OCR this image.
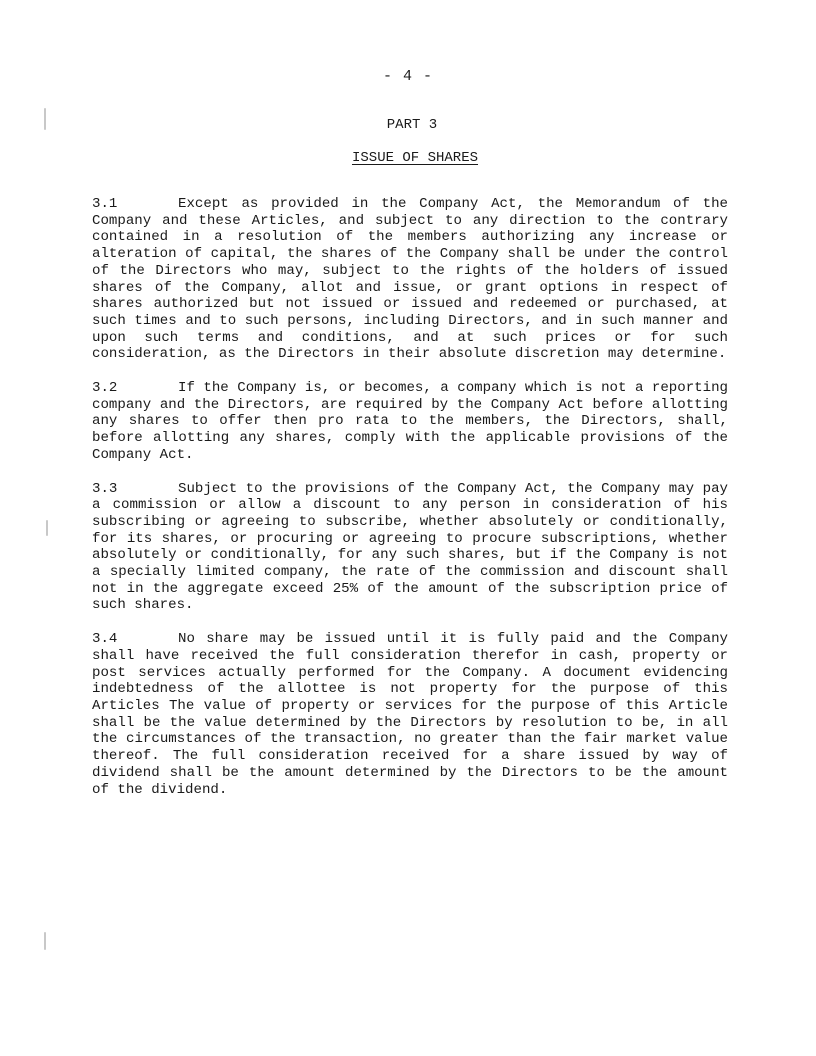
- 4 -
PART 3
ISSUE OF SHARES

3.1	Except as provided in the Company Act, the Memorandum of the Company and these Articles, and subject to any direction to the contrary contained in a resolution of the members authorizing any increase or alteration of capital, the shares of the Company shall be under the control of the Directors who may, subject to the rights of the holders of issued shares of the Company, allot and issue, or grant options in respect of shares authorized but not issued or issued and redeemed or purchased, at such times and to such persons, including Directors, and in such manner and upon such terms and conditions, and at such prices or for such consideration, as the Directors in their absolute discretion may determine.

3.2	If the Company is, or becomes, a company which is not a reporting company and the Directors, are required by the Company Act before allotting any shares to offer then pro rata to the members, the Directors, shall, before allotting any shares, comply with the applicable provisions of the Company Act.

3.3	Subject to the provisions of the Company Act, the Company may pay a commission or allow a discount to any person in consideration of his subscribing or agreeing to subscribe, whether absolutely or conditionally, for its shares, or procuring or agreeing to procure subscriptions, whether absolutely or conditionally, for any such shares, but if the Company is not a specially limited company, the rate of the commission and discount shall not in the aggregate exceed 25% of the amount of the subscription price of such shares.

3.4	No share may be issued until it is fully paid and the Company shall have received the full consideration therefor in cash, property or post services actually performed for the Company. A document evidencing indebtedness of the allottee is not property for the purpose of this Articles The value of property or services for the purpose of this Article shall be the value determined by the Directors by resolution to be, in all the circumstances of the transaction, no greater than the fair market value thereof. The full consideration received for a share issued by way of dividend shall be the amount determined by the Directors to be the amount of the dividend.
